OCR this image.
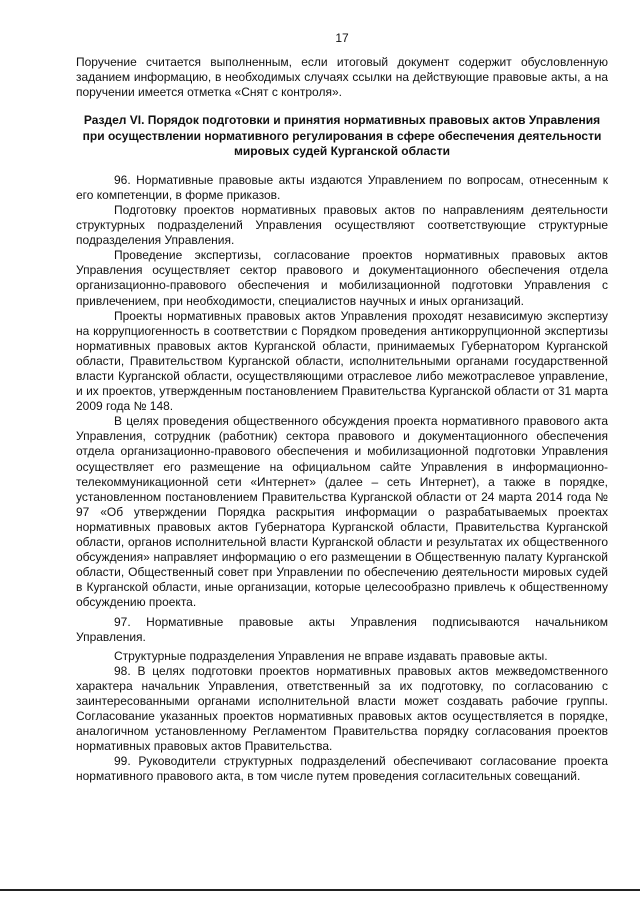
17

Поручение считается выполненным, если итоговый документ содержит обусловленную заданием информацию, в необходимых случаях ссылки на действующие правовые акты, а на поручении имеется отметка «Снят с контроля».

Раздел VI. Порядок подготовки и принятия нормативных правовых актов Управления при осуществлении нормативного регулирования в сфере обеспечения деятельности мировых судей Курганской области

96. Нормативные правовые акты издаются Управлением по вопросам, отнесенным к его компетенции, в форме приказов.

Подготовку проектов нормативных правовых актов по направлениям деятельности структурных подразделений Управления осуществляют соответствующие структурные подразделения Управления.

Проведение экспертизы, согласование проектов нормативных правовых актов Управления осуществляет сектор правового и документационного обеспечения отдела организационно-правового обеспечения и мобилизационной подготовки Управления с привлечением, при необходимости, специалистов научных и иных организаций.

Проекты нормативных правовых актов Управления проходят независимую экспертизу на коррупциогенность в соответствии с Порядком проведения антикоррупционной экспертизы нормативных правовых актов Курганской области, принимаемых Губернатором Курганской области, Правительством Курганской области, исполнительными органами государственной власти Курганской области, осуществляющими отраслевое либо межотраслевое управление, и их проектов, утвержденным постановлением Правительства Курганской области от 31 марта 2009 года № 148.

В целях проведения общественного обсуждения проекта нормативного правового акта Управления, сотрудник (работник) сектора правового и документационного обеспечения отдела организационно-правового обеспечения и мобилизационной подготовки Управления осуществляет его размещение на официальном сайте Управления в информационно-телекоммуникационной сети «Интернет» (далее – сеть Интернет), а также в порядке, установленном постановлением Правительства Курганской области от 24 марта 2014 года № 97 «Об утверждении Порядка раскрытия информации о разрабатываемых проектах нормативных правовых актов Губернатора Курганской области, Правительства Курганской области, органов исполнительной власти Курганской области и результатах их общественного обсуждения» направляет информацию о его размещении в Общественную палату Курганской области, Общественный совет при Управлении по обеспечению деятельности мировых судей в Курганской области, иные организации, которые целесообразно привлечь к общественному обсуждению проекта.

97. Нормативные правовые акты Управления подписываются начальником Управления.

Структурные подразделения Управления не вправе издавать правовые акты.

98. В целях подготовки проектов нормативных правовых актов межведомственного характера начальник Управления, ответственный за их подготовку, по согласованию с заинтересованными органами исполнительной власти может создавать рабочие группы. Согласование указанных проектов нормативных правовых актов осуществляется в порядке, аналогичном установленному Регламентом Правительства порядку согласования проектов нормативных правовых актов Правительства.

99. Руководители структурных подразделений обеспечивают согласование проекта нормативного правового акта, в том числе путем проведения согласительных совещаний.
